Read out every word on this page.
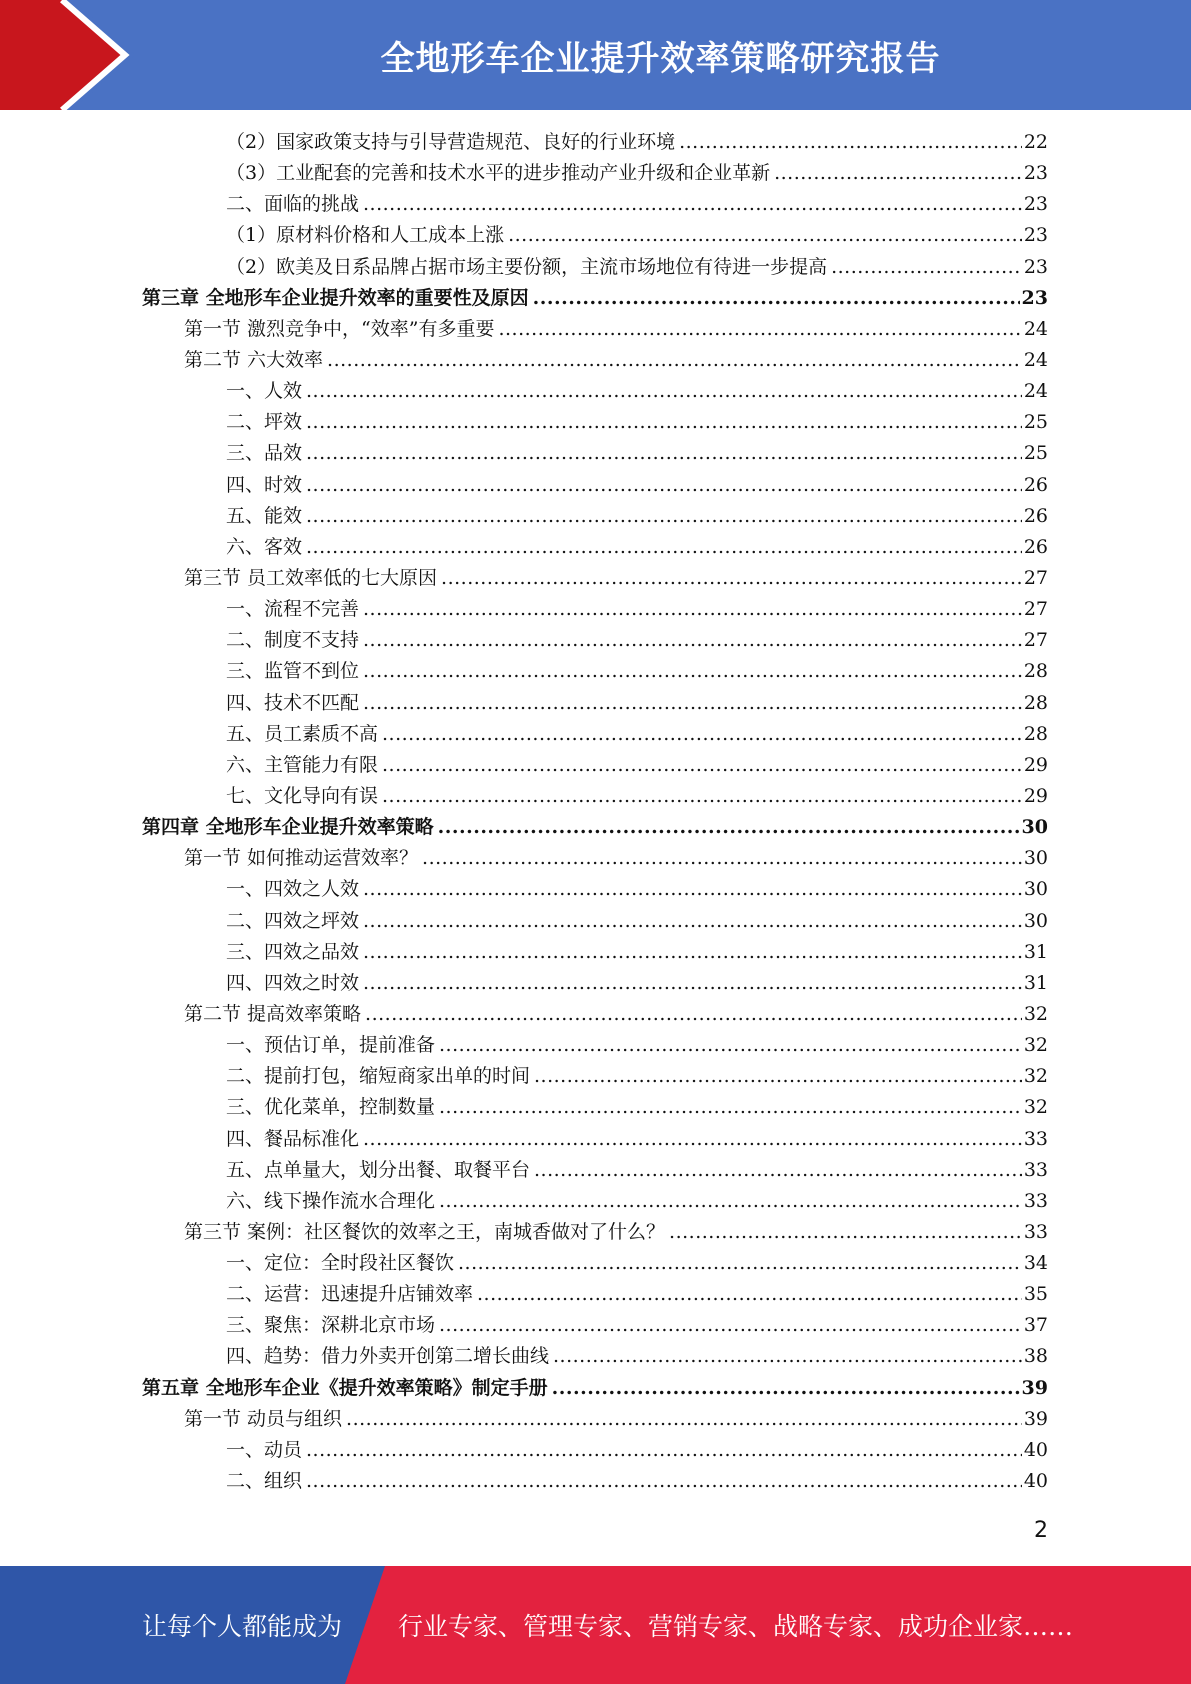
全地形车企业提升效率策略研究报告
（2）国家政策支持与引导营造规范、良好的行业环境 .....	22
（3）工业配套的完善和技术水平的进步推动产业升级和企业革新 .....	23
二、面临的挑战 .....	23
（1）原材料价格和人工成本上涨 .....	23
（2）欧美及日系品牌占据市场主要份额，主流市场地位有待进一步提高 .....	23
第三章 全地形车企业提升效率的重要性及原因 .....	23
第一节 激烈竞争中，“效率”有多重要 .....	24
第二节 六大效率 .....	24
一、人效 .....	24
二、坪效 .....	25
三、品效 .....	25
四、时效 .....	26
五、能效 .....	26
六、客效 .....	26
第三节 员工效率低的七大原因 .....	27
一、流程不完善 .....	27
二、制度不支持 .....	27
三、监管不到位 .....	28
四、技术不匹配 .....	28
五、员工素质不高 .....	28
六、主管能力有限 .....	29
七、文化导向有误 .....	29
第四章 全地形车企业提升效率策略 .....	30
第一节 如何推动运营效率？ .....	30
一、四效之人效 .....	30
二、四效之坪效 .....	30
三、四效之品效 .....	31
四、四效之时效 .....	31
第二节 提高效率策略 .....	32
一、预估订单，提前准备 .....	32
二、提前打包，缩短商家出单的时间 .....	32
三、优化菜单，控制数量 .....	32
四、餐品标准化 .....	33
五、点单量大，划分出餐、取餐平台 .....	33
六、线下操作流水合理化 .....	33
第三节 案例：社区餐饮的效率之王，南城香做对了什么？ .....	33
一、定位：全时段社区餐饮 .....	34
二、运营：迅速提升店铺效率 .....	35
三、聚焦：深耕北京市场 .....	37
四、趋势：借力外卖开创第二增长曲线 .....	38
第五章 全地形车企业《提升效率策略》制定手册 .....	39
第一节 动员与组织 .....	39
一、动员 .....	40
二、组织 .....	40
2
让每个人都能成为 行业专家、管理专家、营销专家、战略专家、成功企业家……
